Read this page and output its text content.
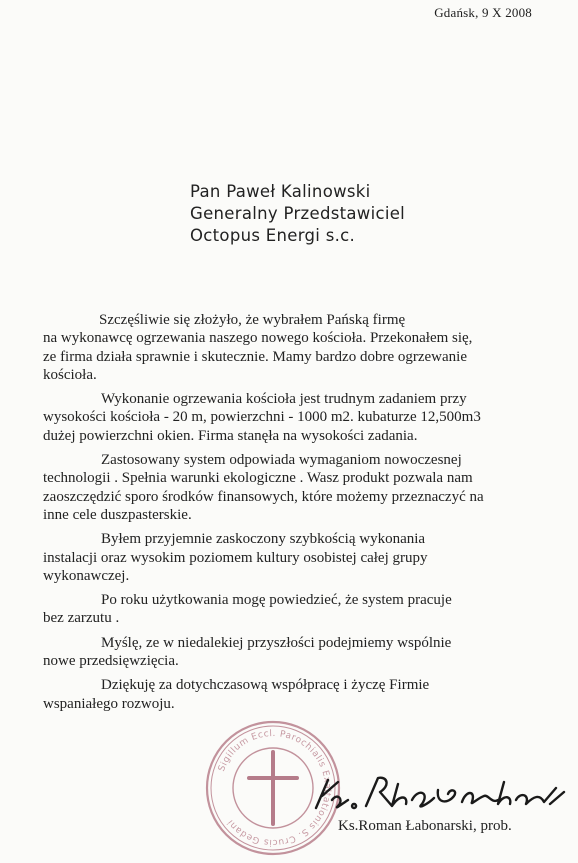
Gdańsk, 9 X 2008
Pan Paweł Kalinowski
Generalny Przedstawiciel
Octopus Energi s.c.

Szczęśliwie się złożyło, że wybrałem Pańską firmę
na wykonawcę ogrzewania naszego nowego kościoła. Przekonałem się,
ze firma działa sprawnie i skutecznie. Mamy bardzo dobre ogrzewanie
kościoła.

Wykonanie ogrzewania kościoła jest trudnym zadaniem przy
wysokości kościoła - 20 m, powierzchni - 1000 m2. kubaturze 12,500m3
dużej powierzchni okien. Firma stanęła na wysokości zadania.

Zastosowany system odpowiada wymaganiom nowoczesnej
technologii . Spełnia warunki ekologiczne . Wasz produkt pozwala nam
zaoszczędzić sporo środków finansowych, które możemy przeznaczyć na
inne cele duszpasterskie.

Byłem przyjemnie zaskoczony szybkością wykonania
instalacji oraz wysokim poziomem kultury osobistej całej grupy
wykonawczej.

Po roku użytkowania mogę powiedzieć, że system pracuje
bez zarzutu .

Myślę, ze w niedalekiej przyszłości podejmiemy wspólnie
nowe przedsięwzięcia.

Dziękuję za dotychczasową współpracę i życzę Firmie
wspaniałego rozwoju.

Sigillum Eccl. Parochialis Exaltationis S. Crucis Gedani	Ks.Roman Łabonarski, prob.
